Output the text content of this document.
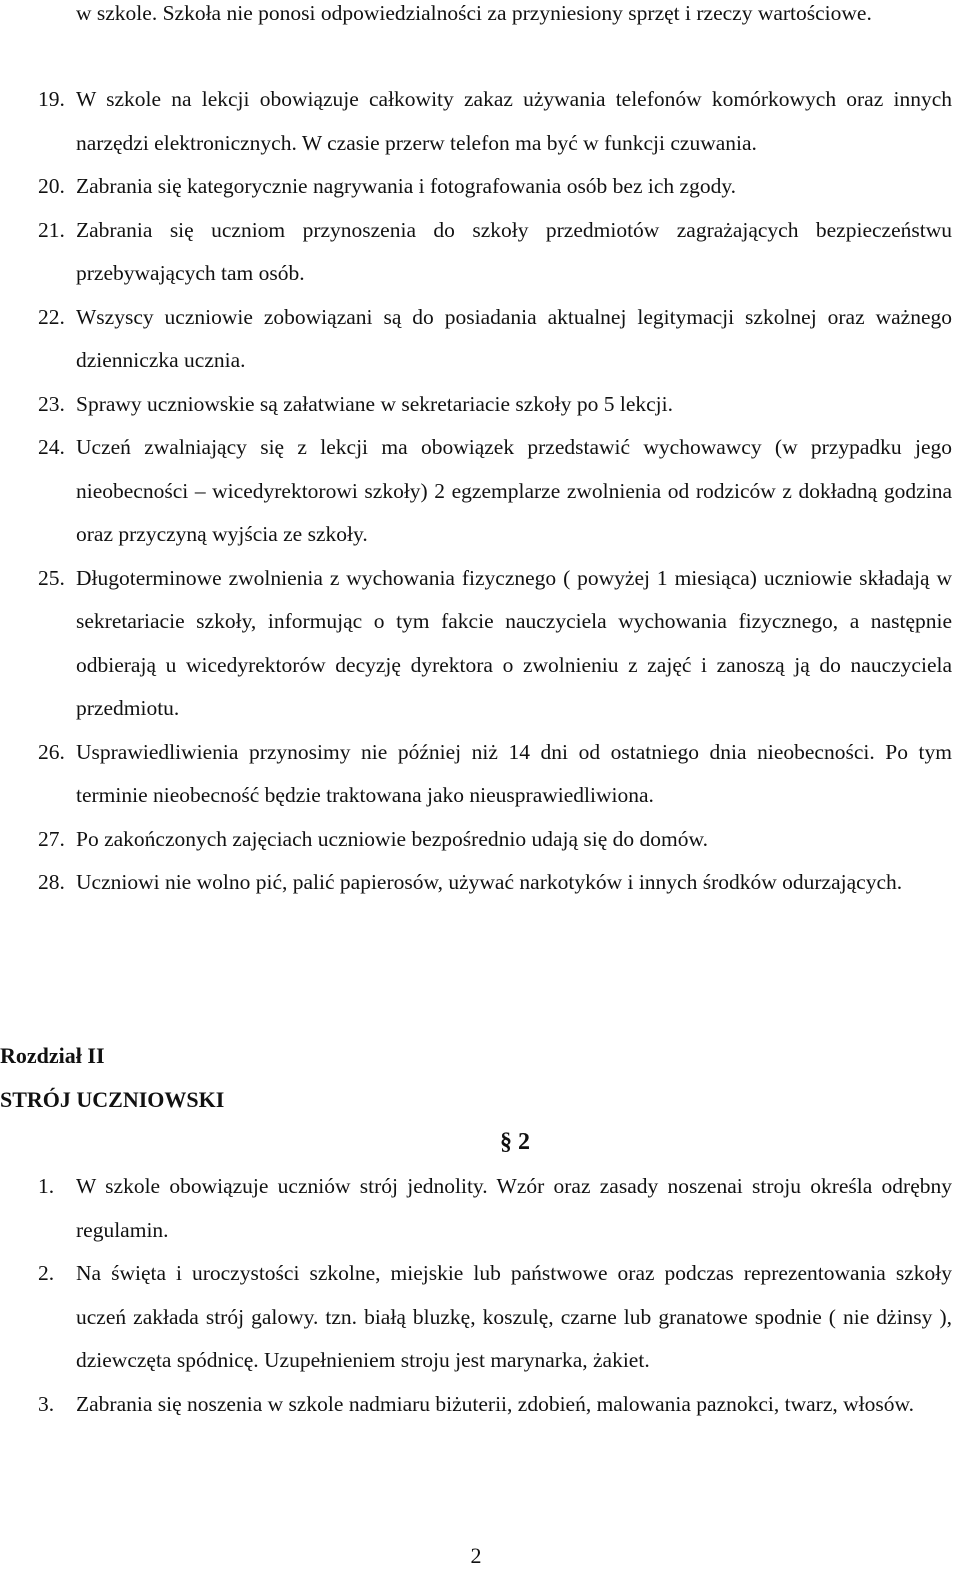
w szkole. Szkoła nie ponosi odpowiedzialności za przyniesiony sprzęt i rzeczy wartościowe.
19. W szkole na lekcji obowiązuje całkowity zakaz używania telefonów komórkowych oraz innych narzędzi elektronicznych. W czasie przerw telefon ma być w funkcji czuwania.
20. Zabrania się kategorycznie nagrywania i fotografowania osób bez ich zgody.
21. Zabrania się uczniom przynoszenia do szkoły przedmiotów zagrażających bezpieczeństwu przebywających tam osób.
22. Wszyscy uczniowie zobowiązani są do posiadania aktualnej legitymacji szkolnej oraz ważnego dzienniczka ucznia.
23. Sprawy uczniowskie są załatwiane w sekretariacie szkoły po 5 lekcji.
24. Uczeń zwalniający się z lekcji ma obowiązek przedstawić wychowawcy (w przypadku jego nieobecności – wicedyrektorowi szkoły) 2 egzemplarze zwolnienia od rodziców z dokładną godzina oraz przyczyną wyjścia ze szkoły.
25. Długoterminowe zwolnienia z wychowania fizycznego ( powyżej 1 miesiąca) uczniowie składają w sekretariacie szkoły, informując o tym fakcie nauczyciela wychowania fizycznego, a następnie odbierają u wicedyrektorów decyzję dyrektora o zwolnieniu z zajęć i zanoszą ją do nauczyciela przedmiotu.
26. Usprawiedliwienia przynosimy nie później niż 14 dni od ostatniego dnia nieobecności. Po tym terminie nieobecność będzie traktowana jako nieusprawiedliwiona.
27. Po zakończonych zajęciach uczniowie bezpośrednio udają się do domów.
28. Uczniowi nie wolno pić, palić papierosów, używać narkotyków i innych środków odurzających.
Rozdział II
STRÓJ UCZNIOWSKI
§ 2
1. W szkole obowiązuje uczniów strój jednolity. Wzór oraz zasady noszenai stroju określa odrębny regulamin.
2. Na święta i uroczystości szkolne, miejskie lub państwowe oraz podczas reprezentowania szkoły uczeń zakłada strój galowy. tzn. białą bluzkę, koszulę, czarne lub granatowe spodnie ( nie dżinsy ), dziewczęta spódnicę. Uzupełnieniem stroju jest marynarka, żakiet.
3. Zabrania się noszenia w szkole nadmiaru biżuterii, zdobień, malowania paznokci, twarz, włosów.
2
